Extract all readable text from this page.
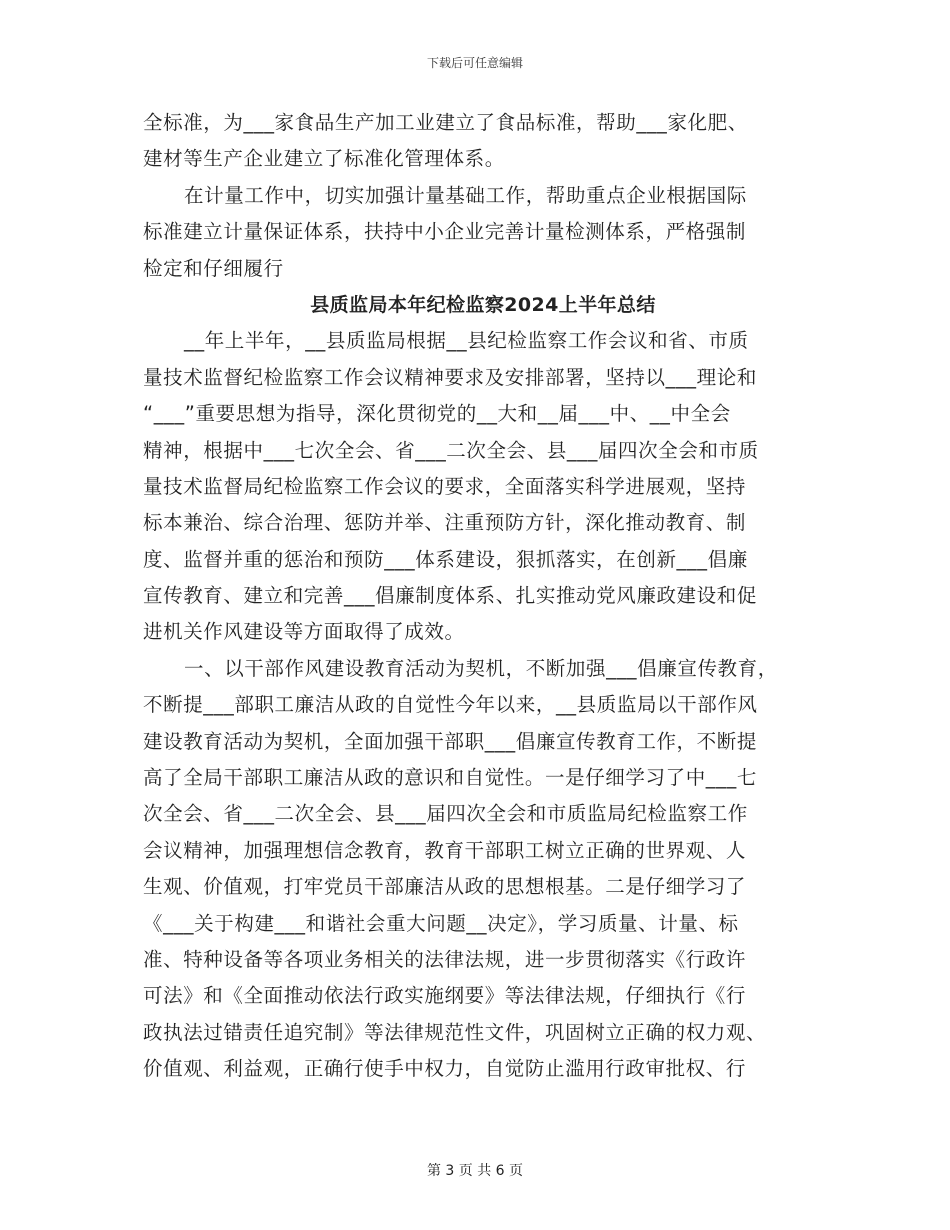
下载后可任意编辑
全标准，为___家食品生产加工业建立了食品标准，帮助___家化肥、
建材等生产企业建立了标准化管理体系。
在计量工作中，切实加强计量基础工作，帮助重点企业根据国际
标准建立计量保证体系，扶持中小企业完善计量检测体系，严格强制
检定和仔细履行
县质监局本年纪检监察2024上半年总结
__年上半年，__县质监局根据__县纪检监察工作会议和省、市质
量技术监督纪检监察工作会议精神要求及安排部署，坚持以___理论和
“___”重要思想为指导，深化贯彻党的__大和__届___中、__中全会
精神，根据中___七次全会、省___二次全会、县___届四次全会和市质
量技术监督局纪检监察工作会议的要求，全面落实科学进展观，坚持
标本兼治、综合治理、惩防并举、注重预防方针，深化推动教育、制
度、监督并重的惩治和预防___体系建设，狠抓落实，在创新___倡廉
宣传教育、建立和完善___倡廉制度体系、扎实推动党风廉政建设和促
进机关作风建设等方面取得了成效。
一、以干部作风建设教育活动为契机，不断加强___倡廉宣传教育，
不断提___部职工廉洁从政的自觉性今年以来，__县质监局以干部作风
建设教育活动为契机，全面加强干部职___倡廉宣传教育工作，不断提
高了全局干部职工廉洁从政的意识和自觉性。一是仔细学习了中___七
次全会、省___二次全会、县___届四次全会和市质监局纪检监察工作
会议精神，加强理想信念教育，教育干部职工树立正确的世界观、人
生观、价值观，打牢党员干部廉洁从政的思想根基。二是仔细学习了
《___关于构建___和谐社会重大问题__决定》，学习质量、计量、标
准、特种设备等各项业务相关的法律法规，进一步贯彻落实《行政许
可法》和《全面推动依法行政实施纲要》等法律法规，仔细执行《行
政执法过错责任追究制》等法律规范性文件，巩固树立正确的权力观、
价值观、利益观，正确行使手中权力，自觉防止滥用行政审批权、行
第 3 页 共 6 页
